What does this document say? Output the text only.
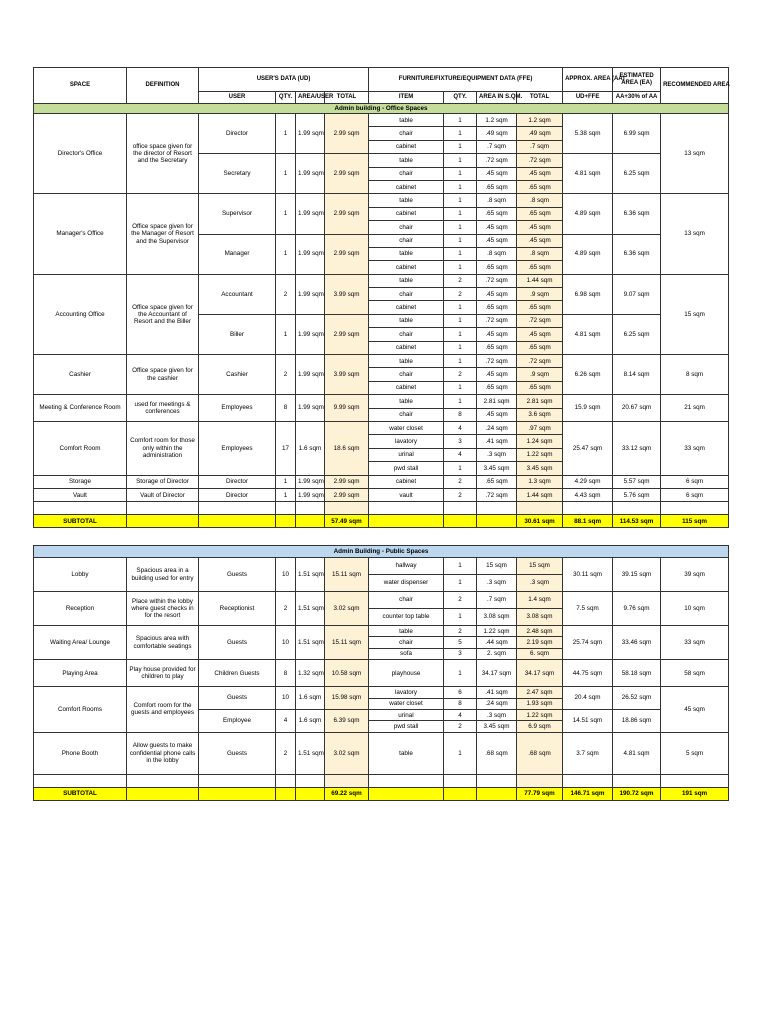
SPACE	DEFINITION	USER'S DATA (UD)				FURNITURE/FIXTURE/EQUIPMENT DATA (FFE)				APPROX. AREA (AA)	ESTIMATED AREA (EA)	RECOMMENDED AREA
		USER	QTY.	AREA/USER	TOTAL	ITEM	QTY.	AREA IN S.QM.	TOTAL	UD+FFE	AA+30% of AA	
Admin building - Office Spaces												
Director's Office	office space given for the director of Resort and the Secretary	Director	1	1.99 sqm	2.99 sqm	table	1	1.2 sqm	1.2 sqm	5.38 sqm	6.99 sqm	13 sqm
						chair	1	.49 sqm	.49 sqm			
						cabinet	1	.7 sqm	.7 sqm			
		Secretary	1	1.99 sqm	2.99 sqm	table	1	.72 sqm	.72 sqm	4.81 sqm	6.25 sqm	
						chair	1	.45 sqm	.45 sqm			
						cabinet	1	.65 sqm	.65 sqm			
Manager's Office	Office space given for the Manager of Resort and the Supervisor	Supervisor	1	1.99 sqm	2.99 sqm	table	1	.8 sqm	.8 sqm	4.89 sqm	6.36 sqm	13 sqm
						cabinet	1	.65 sqm	.65 sqm			
						chair	1	.45 sqm	.45 sqm			
		Manager	1	1.99 sqm	2.99 sqm	chair	1	.45 sqm	.45 sqm	4.89 sqm	6.36 sqm	
						table	1	.8 sqm	.8 sqm			
						cabinet	1	.65 sqm	.65 sqm			
Accounting Office	Office space given for the Accountant of Resort and the Biller	Accountant	2	1.99 sqm	3.99 sqm	table	2	.72 sqm	1.44 sqm	6.98 sqm	9.07 sqm	15 sqm
						chair	2	.45 sqm	.9 sqm			
						cabinet	1	.65 sqm	.65 sqm			
		Biller	1	1.99 sqm	2.99 sqm	table	1	.72 sqm	.72 sqm	4.81 sqm	6.25 sqm	
						chair	1	.45 sqm	.45 sqm			
						cabinet	1	.65 sqm	.65 sqm			
Cashier	Office space given for the cashier	Cashier	2	1.99 sqm	3.99 sqm	table	1	.72 sqm	.72 sqm	6.26 sqm	8.14 sqm	8 sqm
						chair	2	.45 sqm	.9 sqm			
						cabinet	1	.65 sqm	.65 sqm			
Meeting & Conference Room	used for meetings & conferences	Employees	8	1.99 sqm	9.99 sqm	table	1	2.81 sqm	2.81 sqm	15.9 sqm	20.67 sqm	21 sqm
						chair	8	.45 sqm	3.6 sqm			
Comfort Room	Comfort room for those only within the administration	Employees	17	1.6 sqm	18.6 sqm	water closet	4	.24 sqm	.97 sqm	25.47 sqm	33.12 sqm	33 sqm
						lavatory	3	.41 sqm	1.24 sqm			
						urinal	4	.3 sqm	1.22 sqm			
						pwd stall	1	3.45 sqm	3.45 sqm			
Storage	Storage of Director	Director	1	1.99 sqm	2.99 sqm	cabinet	2	.65 sqm	1.3 sqm	4.29 sqm	5.57 sqm	6 sqm
Vault	Vault of Director	Director	1	1.99 sqm	2.99 sqm	vault	2	.72 sqm	1.44 sqm	4.43 sqm	5.76 sqm	6 sqm

SUBTOTAL					57.49 sqm				30.61 sqm	88.1 sqm	114.53 sqm	115 sqm
Admin Building - Public Spaces												
Lobby	Spacious area in a building used for entry	Guests	10	1.51 sqm	15.11 sqm	hallway	1	15 sqm	15 sqm	30.11 sqm	39.15 sqm	39 sqm
						water dispenser	1	.3 sqm	.3 sqm			
Reception	Place within the lobby where guest checks in for the resort	Receptionist	2	1.51 sqm	3.02 sqm	chair	2	.7 sqm	1.4 sqm	7.5 sqm	9.76 sqm	10 sqm
						counter top table	1	3.08 sqm	3.08 sqm			
Waiting Area/ Lounge	Spacious area with comfortable seatings	Guests	10	1.51 sqm	15.11 sqm	table	2	1.22 sqm	2.48 sqm	25.74 sqm	33.46 sqm	33 sqm
						chair	5	.44 sqm	2.19 sqm			
						sofa	3	2. sqm	6. sqm			
Playing Area	Play house provided for children to play	Children Guests	8	1.32 sqm	10.58 sqm	playhouse	1	34.17 sqm	34.17 sqm	44.75 sqm	58.18 sqm	58 sqm
Comfort Rooms	Comfort room for the guests and employees	Guests	10	1.6 sqm	15.98 sqm	lavatory	6	.41 sqm	2.47 sqm	20.4 sqm	26.52 sqm	45 sqm
						water closet	8	.24 sqm	1.93 sqm			
		Employee	4	1.6 sqm	6.39 sqm	urinal	4	.3 sqm	1.22 sqm	14.51 sqm	18.86 sqm	
						pwd stall	2	3.45 sqm	6.9 sqm			
Phone Booth	Allow guests to make confidential phone calls in the lobby	Guests	2	1.51 sqm	3.02 sqm	table	1	.68 sqm	.68 sqm	3.7 sqm	4.81 sqm	5 sqm

SUBTOTAL					69.22 sqm				77.79 sqm	146.71 sqm	190.72 sqm	191 sqm
